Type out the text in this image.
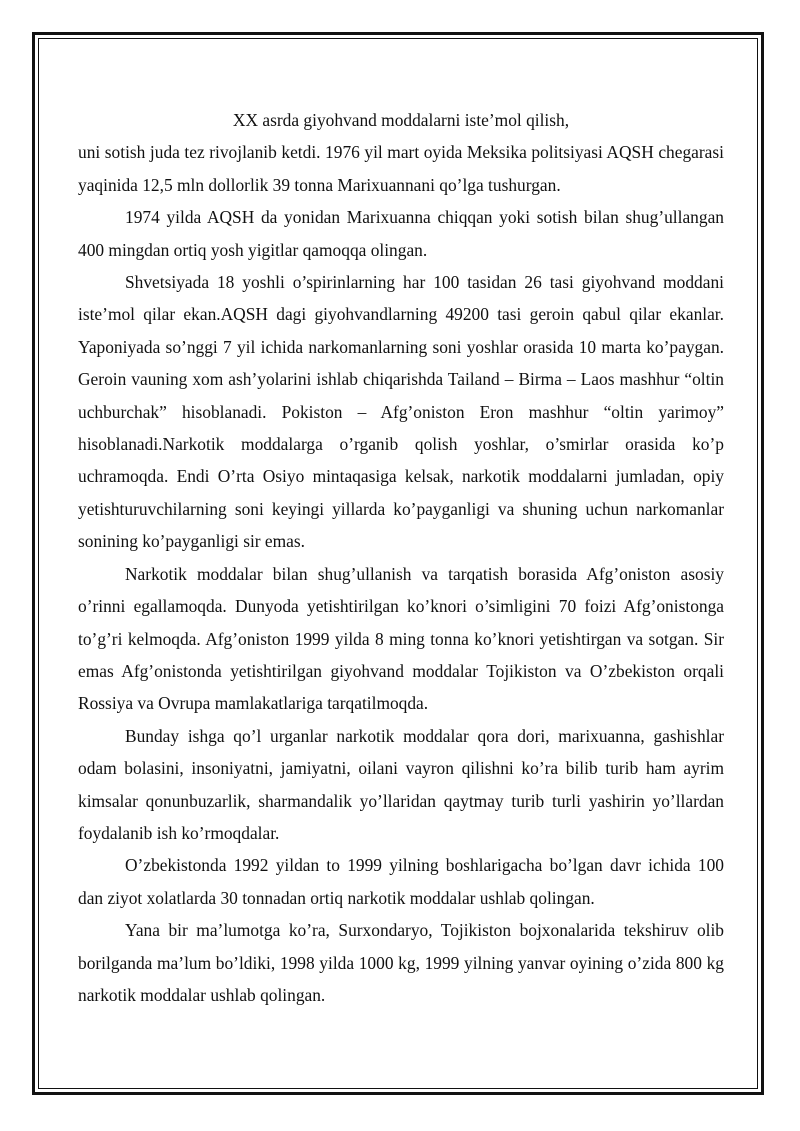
XX asrda giyohvand moddalarni iste’mol qilish,

uni sotish juda tez rivojlanib ketdi. 1976 yil mart oyida Meksika politsiyasi AQSH chegarasi yaqinida 12,5 mln dollorlik 39 tonna Marixuannani qo’lga tushurgan.

1974 yilda AQSH da yonidan Marixuanna chiqqan yoki sotish bilan shug’ullangan 400 mingdan ortiq yosh yigitlar qamoqqa olingan.

Shvetsiyada 18 yoshli o’spirinlarning har 100 tasidan 26 tasi giyohvand moddani iste’mol qilar ekan.AQSH dagi giyohvandlarning 49200 tasi geroin qabul qilar ekanlar. Yaponiyada so’nggi 7 yil ichida narkomanlarning soni yoshlar orasida 10 marta ko’paygan. Geroin vauning xom ash’yolarini ishlab chiqarishda Tailand – Birma – Laos mashhur “oltin uchburchak” hisoblanadi. Pokiston – Afg’oniston Eron mashhur “oltin yarimoy” hisoblanadi.Narkotik moddalarga o’rganib qolish yoshlar, o’smirlar orasida ko’p uchramoqda. Endi O’rta Osiyo mintaqasiga kelsak, narkotik moddalarni jumladan, opiy yetishturuvchilarning soni keyingi yillarda ko’payganligi va shuning uchun narkomanlar sonining ko’payganligi sir emas.

Narkotik moddalar bilan shug’ullanish va tarqatish borasida Afg’oniston asosiy o’rinni egallamoqda. Dunyoda yetishtirilgan ko’knori o’simligini 70 foizi Afg’onistonga to’g’ri kelmoqda. Afg’oniston 1999 yilda 8 ming tonna ko’knori yetishtirgan va sotgan. Sir emas Afg’onistonda yetishtirilgan giyohvand moddalar Tojikiston va O’zbekiston orqali Rossiya va Ovrupa mamlakatlariga tarqatilmoqda.

Bunday ishga qo’l urganlar narkotik moddalar qora dori, marixuanna, gashishlar odam bolasini, insoniyatni, jamiyatni, oilani vayron qilishni ko’ra bilib turib ham ayrim kimsalar qonunbuzarlik, sharmandalik yo’llaridan qaytmay turib turli yashirin yo’llardan foydalanib ish ko’rmoqdalar.

O’zbekistonda 1992 yildan to 1999 yilning boshlarigacha bo’lgan davr ichida 100 dan ziyot xolatlarda 30 tonnadan ortiq narkotik moddalar ushlab qolingan.

Yana bir ma’lumotga ko’ra, Surxondaryo, Tojikiston bojxonalarida tekshiruv olib borilganda ma’lum bo’ldiki, 1998 yilda 1000 kg, 1999 yilning yanvar oyining o’zida 800 kg narkotik moddalar ushlab qolingan.
